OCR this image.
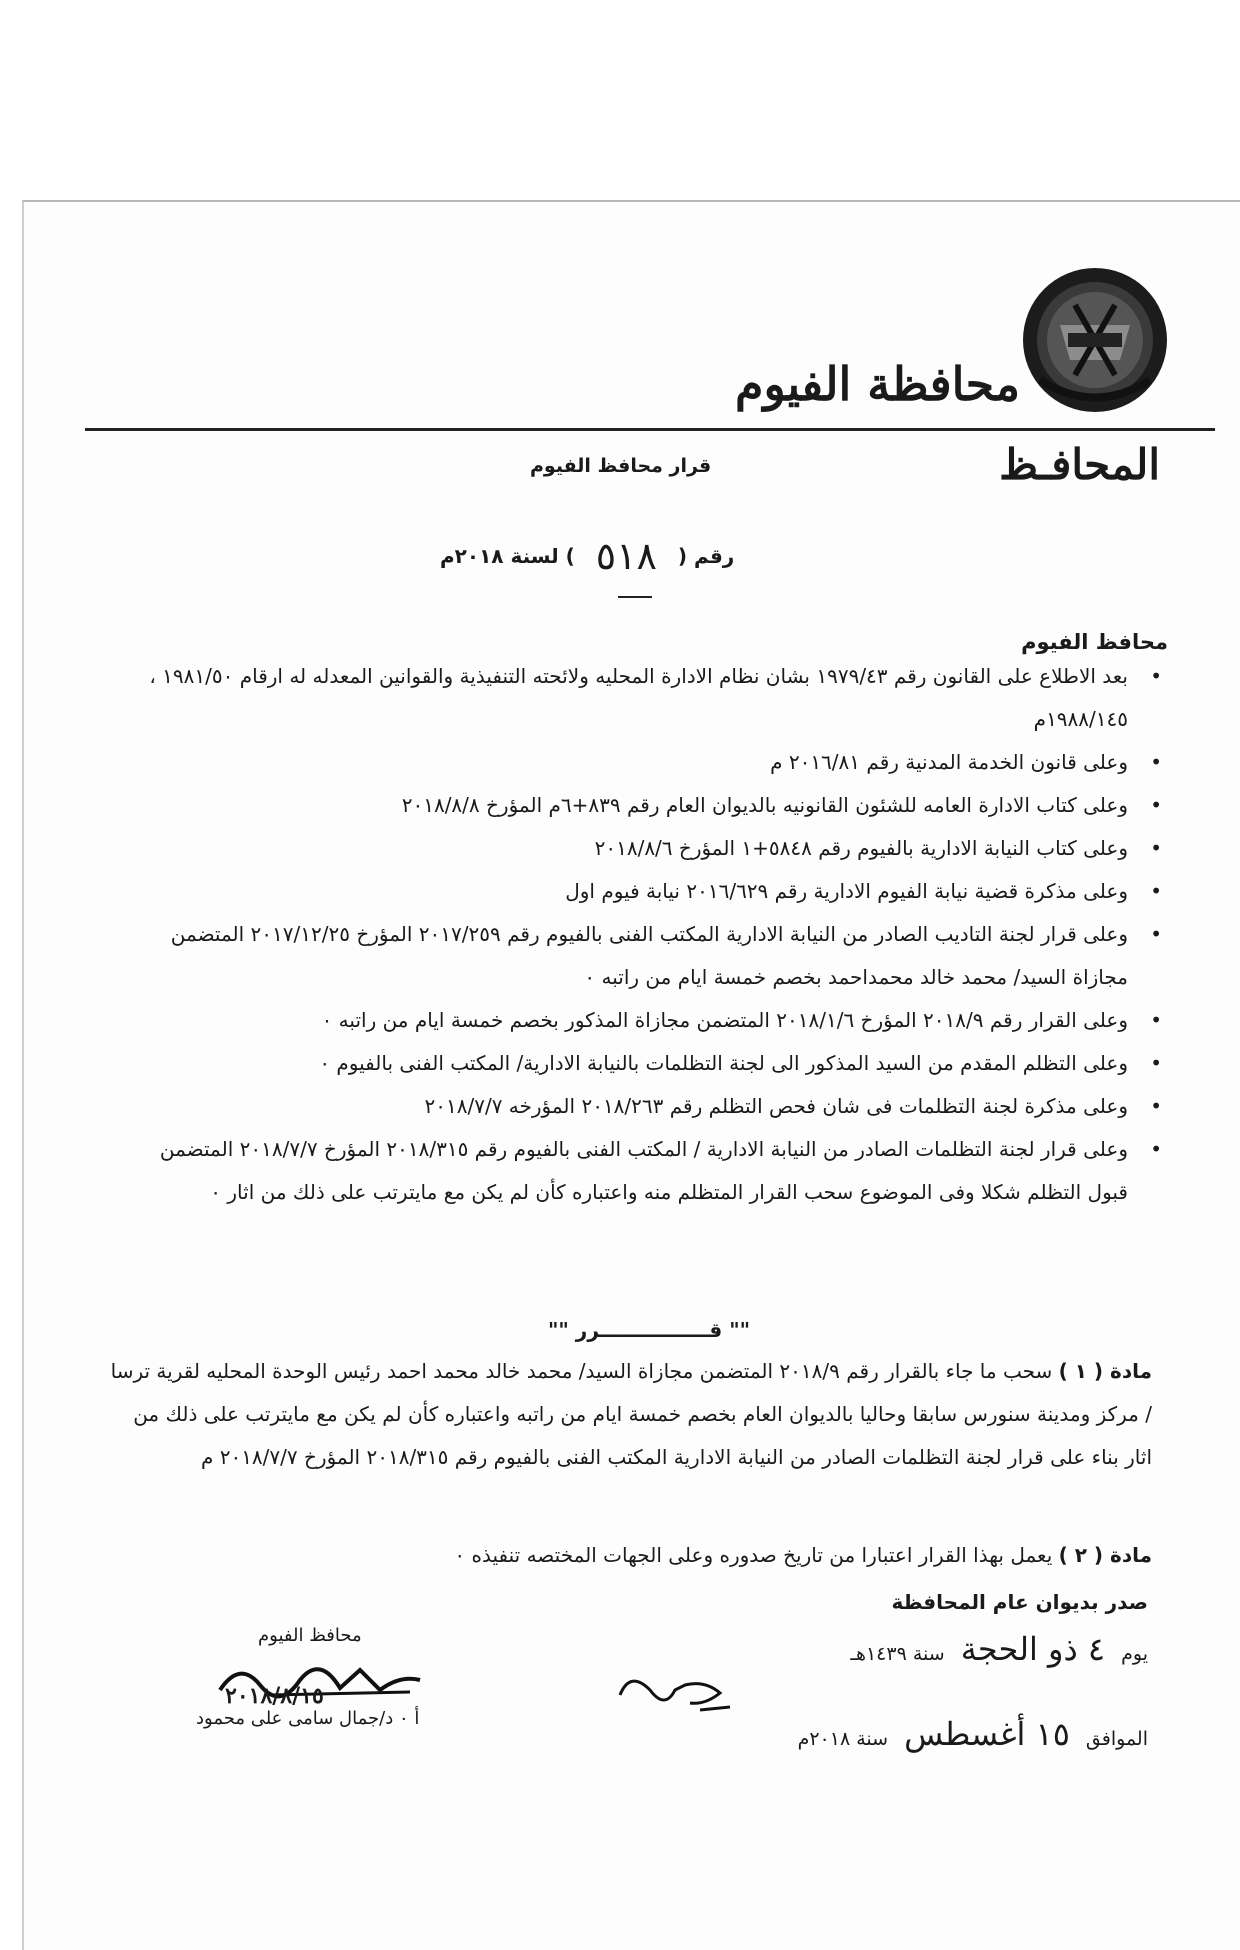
محافظة الفيوم
المحافـظ
قرار محافظ الفيوم
رقم ( ٥١٨ ) لسنة ٢٠١٨م
محافظ الفيوم
• بعد الاطلاع على القانون رقم ١٩٧٩/٤٣ بشان نظام الادارة المحليه ولائحته التنفيذية والقوانين المعدله له ارقام ١٩٨١/٥٠ ، ١٩٨٨/١٤٥م
• وعلى قانون الخدمة المدنية رقم ٢٠١٦/٨١ م
• وعلى كتاب الادارة العامه للشئون القانونيه بالديوان العام رقم ٨٣٩+٦م المؤرخ ٢٠١٨/٨/٨
• وعلى كتاب النيابة الادارية بالفيوم رقم ٥٨٤٨+١ المؤرخ ٢٠١٨/٨/٦
• وعلى مذكرة قضية نيابة الفيوم الادارية رقم ٢٠١٦/٦٢٩ نيابة فيوم اول
• وعلى قرار لجنة التاديب الصادر من النيابة الادارية المكتب الفنى بالفيوم رقم ٢٠١٧/٢٥٩ المؤرخ ٢٠١٧/١٢/٢٥ المتضمن مجازاة السيد/ محمد خالد محمداحمد بخصم خمسة ايام من راتبه ٠
• وعلى القرار رقم ٢٠١٨/٩ المؤرخ ٢٠١٨/١/٦ المتضمن مجازاة المذكور بخصم خمسة ايام من راتبه ٠
• وعلى التظلم المقدم من السيد المذكور الى لجنة التظلمات بالنيابة الادارية/ المكتب الفنى بالفيوم ٠
• وعلى مذكرة لجنة التظلمات فى شان فحص التظلم رقم ٢٠١٨/٢٦٣ المؤرخه ٢٠١٨/٧/٧
• وعلى قرار لجنة التظلمات الصادر من النيابة الادارية / المكتب الفنى بالفيوم رقم ٢٠١٨/٣١٥ المؤرخ ٢٠١٨/٧/٧ المتضمن قبول التظلم شكلا وفى الموضوع سحب القرار المتظلم منه واعتباره كأن لم يكن مع مايترتب على ذلك من اثار ٠
"" قــــــــــــــــرر ""
مادة ( ١ ) سحب ما جاء بالقرار رقم ٢٠١٨/٩ المتضمن مجازاة السيد/ محمد خالد محمد احمد رئيس الوحدة المحليه لقرية ترسا / مركز ومدينة سنورس سابقا وحاليا بالديوان العام بخصم خمسة ايام من راتبه واعتباره كأن لم يكن مع مايترتب على ذلك من اثار بناء على قرار لجنة التظلمات الصادر من النيابة الادارية المكتب الفنى بالفيوم رقم ٢٠١٨/٣١٥ المؤرخ ٢٠١٨/٧/٧ م
مادة ( ٢ ) يعمل بهذا القرار اعتبارا من تاريخ صدوره وعلى الجهات المختصه تنفيذه ٠
صدر بديوان عام المحافظة
يوم ٤ ذو الحجة سنة ١٤٣٩هـ
الموافق ١٥ أغسطس سنة ٢٠١٨م
محافظ الفيوم
٢٠١٨/٨/١٥
أ ٠ د/جمال سامى على محمود
